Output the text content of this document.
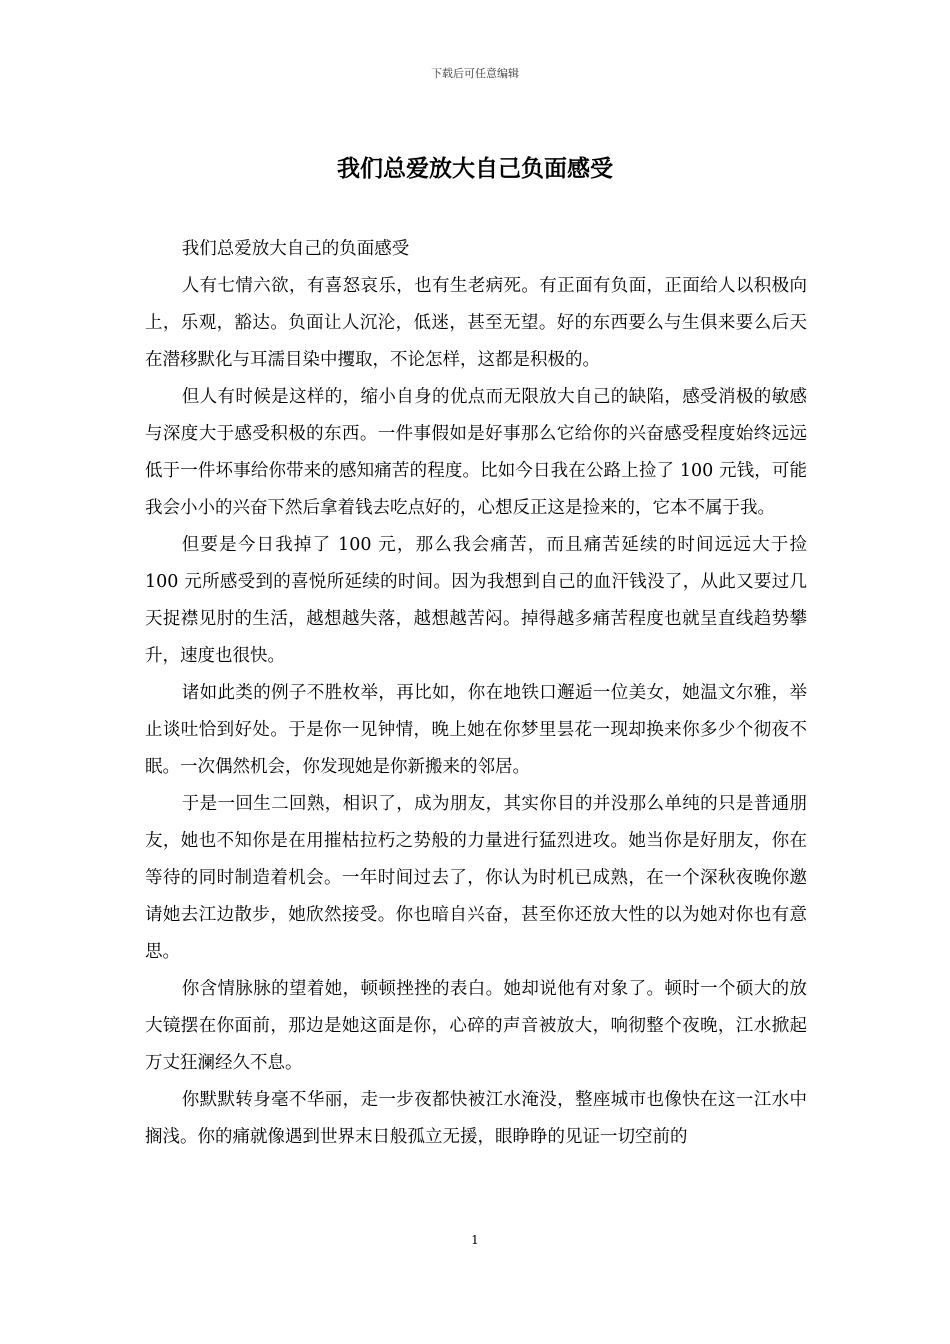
下载后可任意编辑
我们总爱放大自己负面感受

我们总爱放大自己的负面感受

人有七情六欲，有喜怒哀乐，也有生老病死。有正面有负面，正面给人以积极向上，乐观，豁达。负面让人沉沦，低迷，甚至无望。好的东西要么与生俱来要么后天在潜移默化与耳濡目染中攫取，不论怎样，这都是积极的。

但人有时候是这样的，缩小自身的优点而无限放大自己的缺陷，感受消极的敏感与深度大于感受积极的东西。一件事假如是好事那么它给你的兴奋感受程度始终远远低于一件坏事给你带来的感知痛苦的程度。比如今日我在公路上捡了 100 元钱，可能我会小小的兴奋下然后拿着钱去吃点好的，心想反正这是捡来的，它本不属于我。

但要是今日我掉了 100 元，那么我会痛苦，而且痛苦延续的时间远远大于捡 100 元所感受到的喜悦所延续的时间。因为我想到自己的血汗钱没了，从此又要过几天捉襟见肘的生活，越想越失落，越想越苦闷。掉得越多痛苦程度也就呈直线趋势攀升，速度也很快。

诸如此类的例子不胜枚举，再比如，你在地铁口邂逅一位美女，她温文尔雅，举止谈吐恰到好处。于是你一见钟情，晚上她在你梦里昙花一现却换来你多少个彻夜不眠。一次偶然机会，你发现她是你新搬来的邻居。

于是一回生二回熟，相识了，成为朋友，其实你目的并没那么单纯的只是普通朋友，她也不知你是在用摧枯拉朽之势般的力量进行猛烈进攻。她当你是好朋友，你在等待的同时制造着机会。一年时间过去了，你认为时机已成熟，在一个深秋夜晚你邀请她去江边散步，她欣然接受。你也暗自兴奋，甚至你还放大性的以为她对你也有意思。

你含情脉脉的望着她，顿顿挫挫的表白。她却说他有对象了。顿时一个硕大的放大镜摆在你面前，那边是她这面是你，心碎的声音被放大，响彻整个夜晚，江水掀起万丈狂澜经久不息。

你默默转身毫不华丽，走一步夜都快被江水淹没，整座城市也像快在这一江水中搁浅。你的痛就像遇到世界末日般孤立无援，眼睁睁的见证一切空前的

1
